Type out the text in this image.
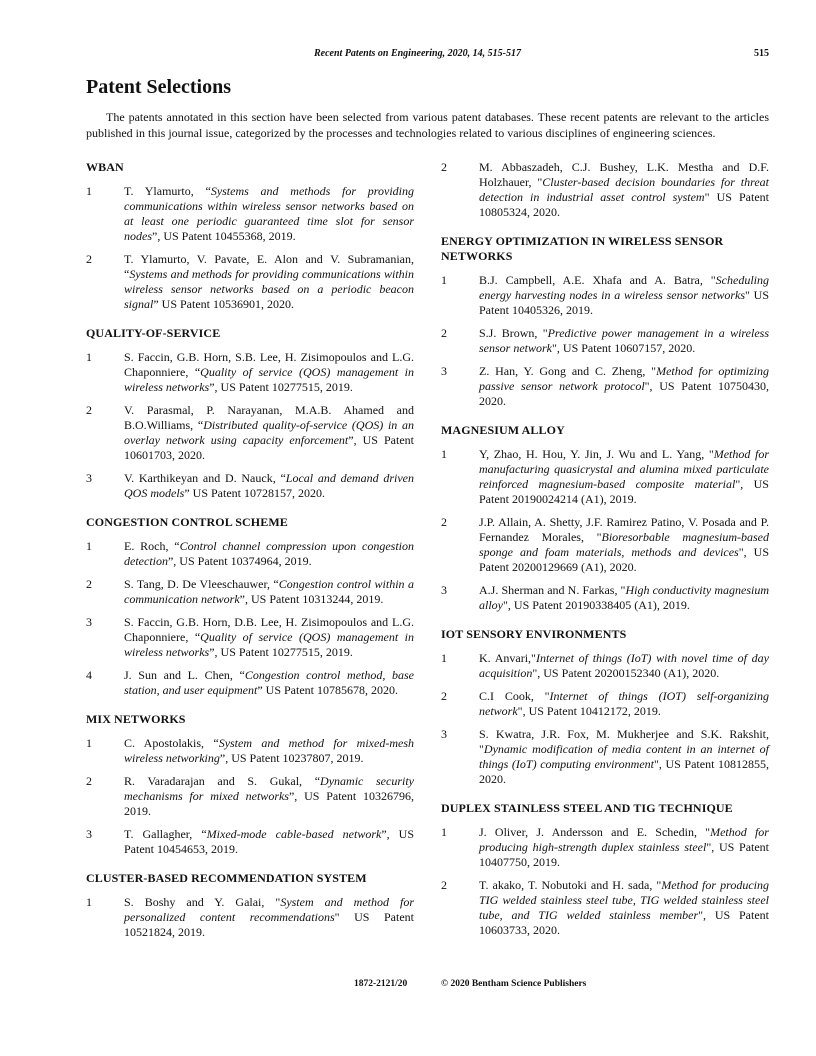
Recent Patents on Engineering, 2020, 14, 515-517	515
Patent Selections

The patents annotated in this section have been selected from various patent databases. These recent patents are relevant to the articles published in this journal issue, categorized by the processes and technologies related to various disciplines of engineering sciences.

WBAN
1	T. Ylamurto, “Systems and methods for providing communications within wireless sensor networks based on at least one periodic guaranteed time slot for sensor nodes”, US Patent 10455368, 2019.
2	T. Ylamurto, V. Pavate, E. Alon and V. Subramanian, “Systems and methods for providing communications within wireless sensor networks based on a periodic beacon signal” US Patent 10536901, 2020.
QUALITY-OF-SERVICE
1	S. Faccin, G.B. Horn, S.B. Lee, H. Zisimopoulos and L.G. Chaponniere, “Quality of service (QOS) management in wireless networks”, US Patent 10277515, 2019.
2	V. Parasmal, P. Narayanan, M.A.B. Ahamed and B.O.Williams, “Distributed quality-of-service (QOS) in an overlay network using capacity enforcement”, US Patent 10601703, 2020.
3	V. Karthikeyan and D. Nauck, “Local and demand driven QOS models” US Patent 10728157, 2020.
CONGESTION CONTROL SCHEME
1	E. Roch, “Control channel compression upon congestion detection”, US Patent 10374964, 2019.
2	S. Tang, D. De Vleeschauwer, “Congestion control within a communication network”, US Patent 10313244, 2019.
3	S. Faccin, G.B. Horn, D.B. Lee, H. Zisimopoulos and L.G. Chaponniere, “Quality of service (QOS) management in wireless networks”, US Patent 10277515, 2019.
4	J. Sun and L. Chen, “Congestion control method, base station, and user equipment” US Patent 10785678, 2020.
MIX NETWORKS
1	C. Apostolakis, “System and method for mixed-mesh wireless networking”, US Patent 10237807, 2019.
2	R. Varadarajan and S. Gukal, “Dynamic security mechanisms for mixed networks”, US Patent 10326796, 2019.
3	T. Gallagher, “Mixed-mode cable-based network”, US Patent 10454653, 2019.
CLUSTER-BASED RECOMMENDATION SYSTEM
1	S. Boshy and Y. Galai, "System and method for personalized content recommendations" US Patent 10521824, 2019.
2	M. Abbaszadeh, C.J. Bushey, L.K. Mestha and D.F. Holzhauer, "Cluster-based decision boundaries for threat detection in industrial asset control system" US Patent 10805324, 2020.
ENERGY OPTIMIZATION IN WIRELESS SENSOR NETWORKS
1	B.J. Campbell, A.E. Xhafa and A. Batra, "Scheduling energy harvesting nodes in a wireless sensor networks" US Patent 10405326, 2019.
2	S.J. Brown, "Predictive power management in a wireless sensor network", US Patent 10607157, 2020.
3	Z. Han, Y. Gong and C. Zheng, "Method for optimizing passive sensor network protocol", US Patent 10750430, 2020.
MAGNESIUM ALLOY
1	Y, Zhao, H. Hou, Y. Jin, J. Wu and L. Yang, "Method for manufacturing quasicrystal and alumina mixed particulate reinforced magnesium-based composite material", US Patent 20190024214 (A1), 2019.
2	J.P. Allain, A. Shetty, J.F. Ramirez Patino, V. Posada and P. Fernandez Morales, "Bioresorbable magnesium-based sponge and foam materials, methods and devices", US Patent 20200129669 (A1), 2020.
3	A.J. Sherman and N. Farkas, "High conductivity magnesium alloy", US Patent 20190338405 (A1), 2019.
IOT SENSORY ENVIRONMENTS
1	K. Anvari,"Internet of things (IoT) with novel time of day acquisition", US Patent 20200152340 (A1), 2020.
2	C.I Cook, "Internet of things (IOT) self-organizing network", US Patent 10412172, 2019.
3	S. Kwatra, J.R. Fox, M. Mukherjee and S.K. Rakshit, "Dynamic modification of media content in an internet of things (IoT) computing environment", US Patent 10812855, 2020.
DUPLEX STAINLESS STEEL AND TIG TECHNIQUE
1	J. Oliver, J. Andersson and E. Schedin, "Method for producing high-strength duplex stainless steel", US Patent 10407750, 2019.
2	T. akako, T. Nobutoki and H. sada, "Method for producing TIG welded stainless steel tube, TIG welded stainless steel tube, and TIG welded stainless member", US Patent 10603733, 2020.
1872-2121/20	© 2020 Bentham Science Publishers
